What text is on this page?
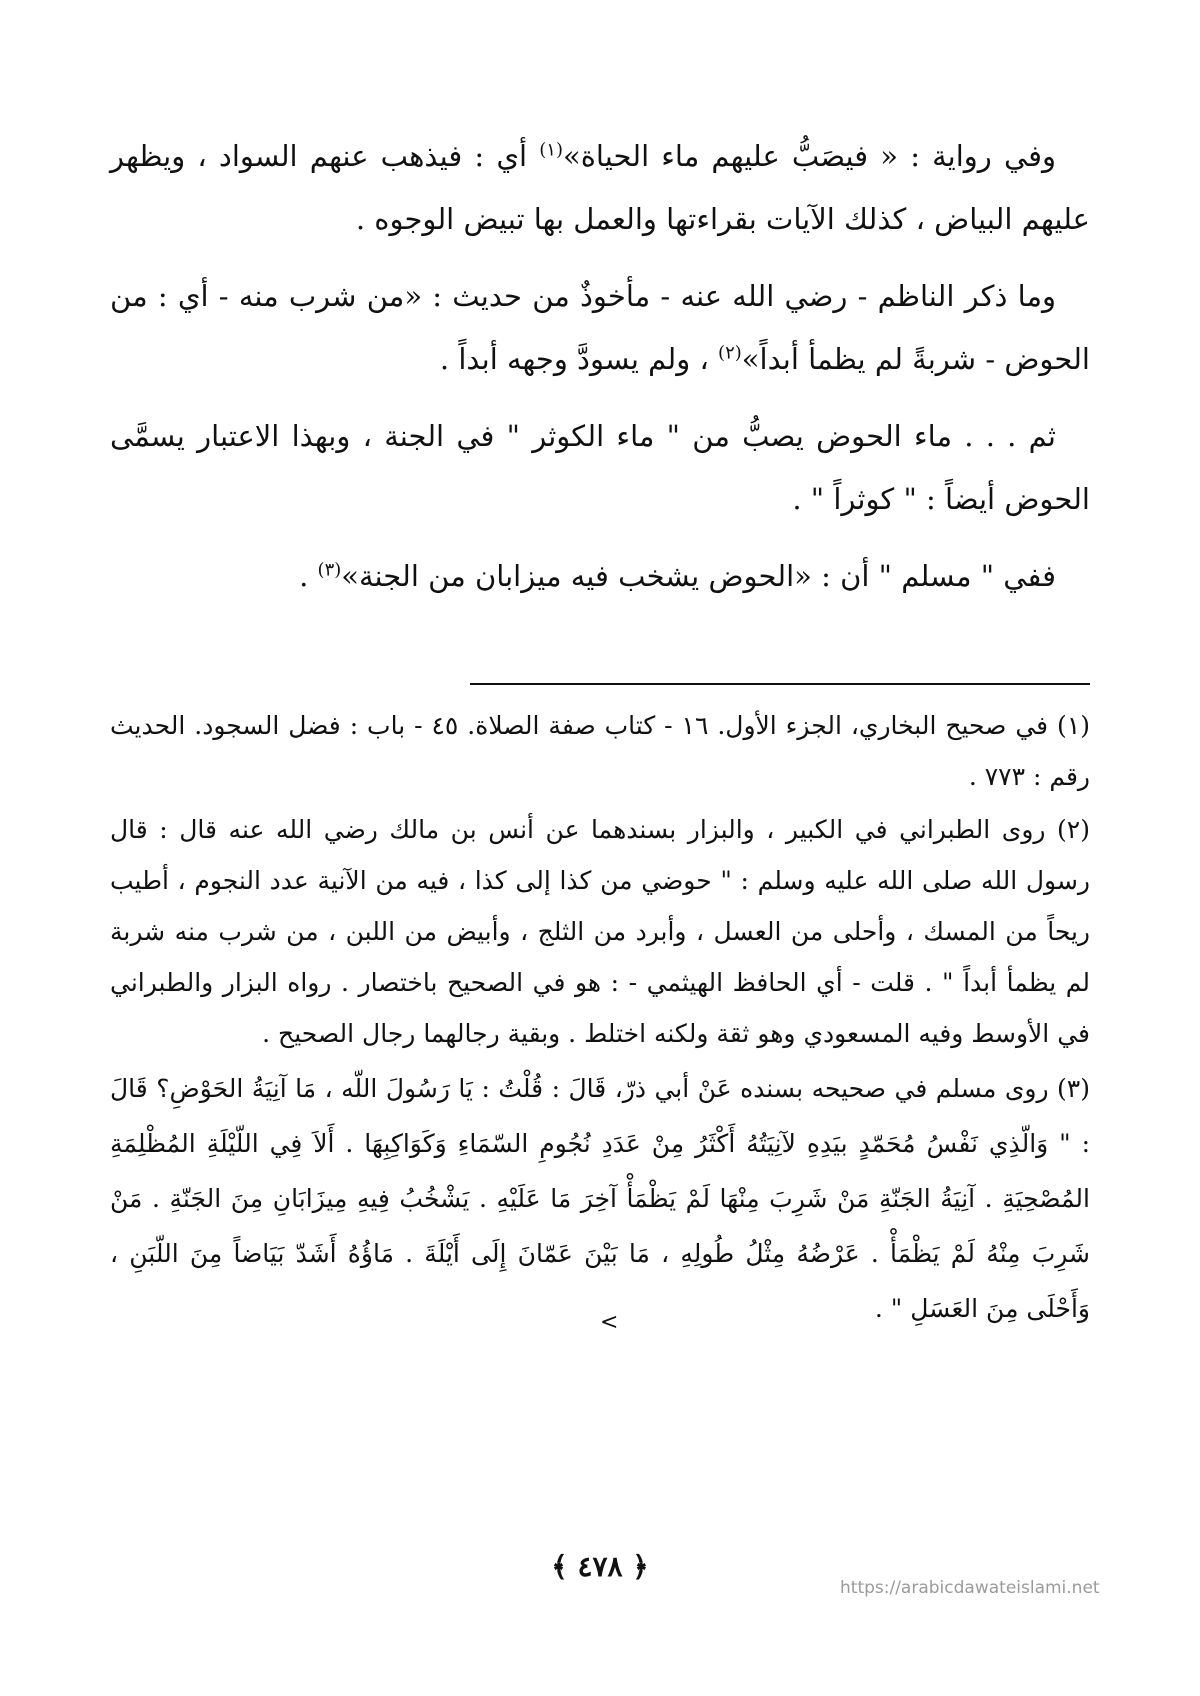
وفي رواية : « فيصَبُّ عليهم ماء الحياة»$^{(١)}$ أي : فيذهب عنهم السواد ، ويظهر عليهم البياض ، كذلك الآيات بقراءتها والعمل بها تبيض الوجوه .

وما ذكر الناظم - رضي الله عنه - مأخوذٌ من حديث : «من شرب منه - أي : من الحوض - شربةً لم يظمأ أبداً»$^{(٢)}$ ، ولم يسودَّ وجهه أبداً .

ثم . . . ماء الحوض يصبُّ من " ماء الكوثر " في الجنة ، وبهذا الاعتبار يسمَّى الحوض أيضاً : " كوثراً " .

ففي " مسلم " أن : «الحوض يشخب فيه ميزابان من الجنة»$^{(٣)}$ .

(١) في صحيح البخاري، الجزء الأول. ١٦ - كتاب صفة الصلاة. ٤٥ - باب : فضل السجود. الحديث رقم : ٧٧٣ .

(٢) روى الطبراني في الكبير ، والبزار بسندهما عن أنس بن مالك رضي الله عنه قال : قال رسول الله صلى الله عليه وسلم : " حوضي من كذا إلى كذا ، فيه من الآنية عدد النجوم ، أطيب ريحاً من المسك ، وأحلى من العسل ، وأبرد من الثلج ، وأبيض من اللبن ، من شرب منه شربة لم يظمأ أبداً " . قلت - أي الحافظ الهيثمي - : هو في الصحيح باختصار . رواه البزار والطبراني في الأوسط وفيه المسعودي وهو ثقة ولكنه اختلط . وبقية رجالهما رجال الصحيح .

(٣) روى مسلم في صحيحه بسنده عَنْ أبي ذرّ، قَالَ : قُلْتُ : يَا رَسُولَ اللّه ، مَا آنِيَةُ الحَوْضِ؟ قَالَ : " وَالّذِي نَفْسُ مُحَمّدٍ بيَدِهِ لآنِيَتُهُ أَكْثَرُ مِنْ عَدَدِ نُجُومِ السّمَاءِ وَكَوَاكِبِهَا . أَلاَ فِي اللّيْلَةِ المُظْلِمَةِ المُصْحِيَةِ . آنِيَةُ الجَنّةِ مَنْ شَرِبَ مِنْهَا لَمْ يَظْمَأْ آخِرَ مَا عَلَيْهِ . يَشْخُبُ فِيهِ مِيزَابَانِ مِنَ الجَنّةِ . مَنْ شَرِبَ مِنْهُ لَمْ يَظْمَأْ . عَرْضُهُ مِثْلُ طُولِهِ ، مَا بَيْنَ عَمّانَ إِلَى أَيْلَةَ . مَاؤُهُ أَشَدّ بَيَاضاً مِنَ اللّبَنِ ، وَأَحْلَى مِنَ العَسَلِ " .

>
﴿ ٤٧٨ ﴾
https://arabicdawateislami.net
